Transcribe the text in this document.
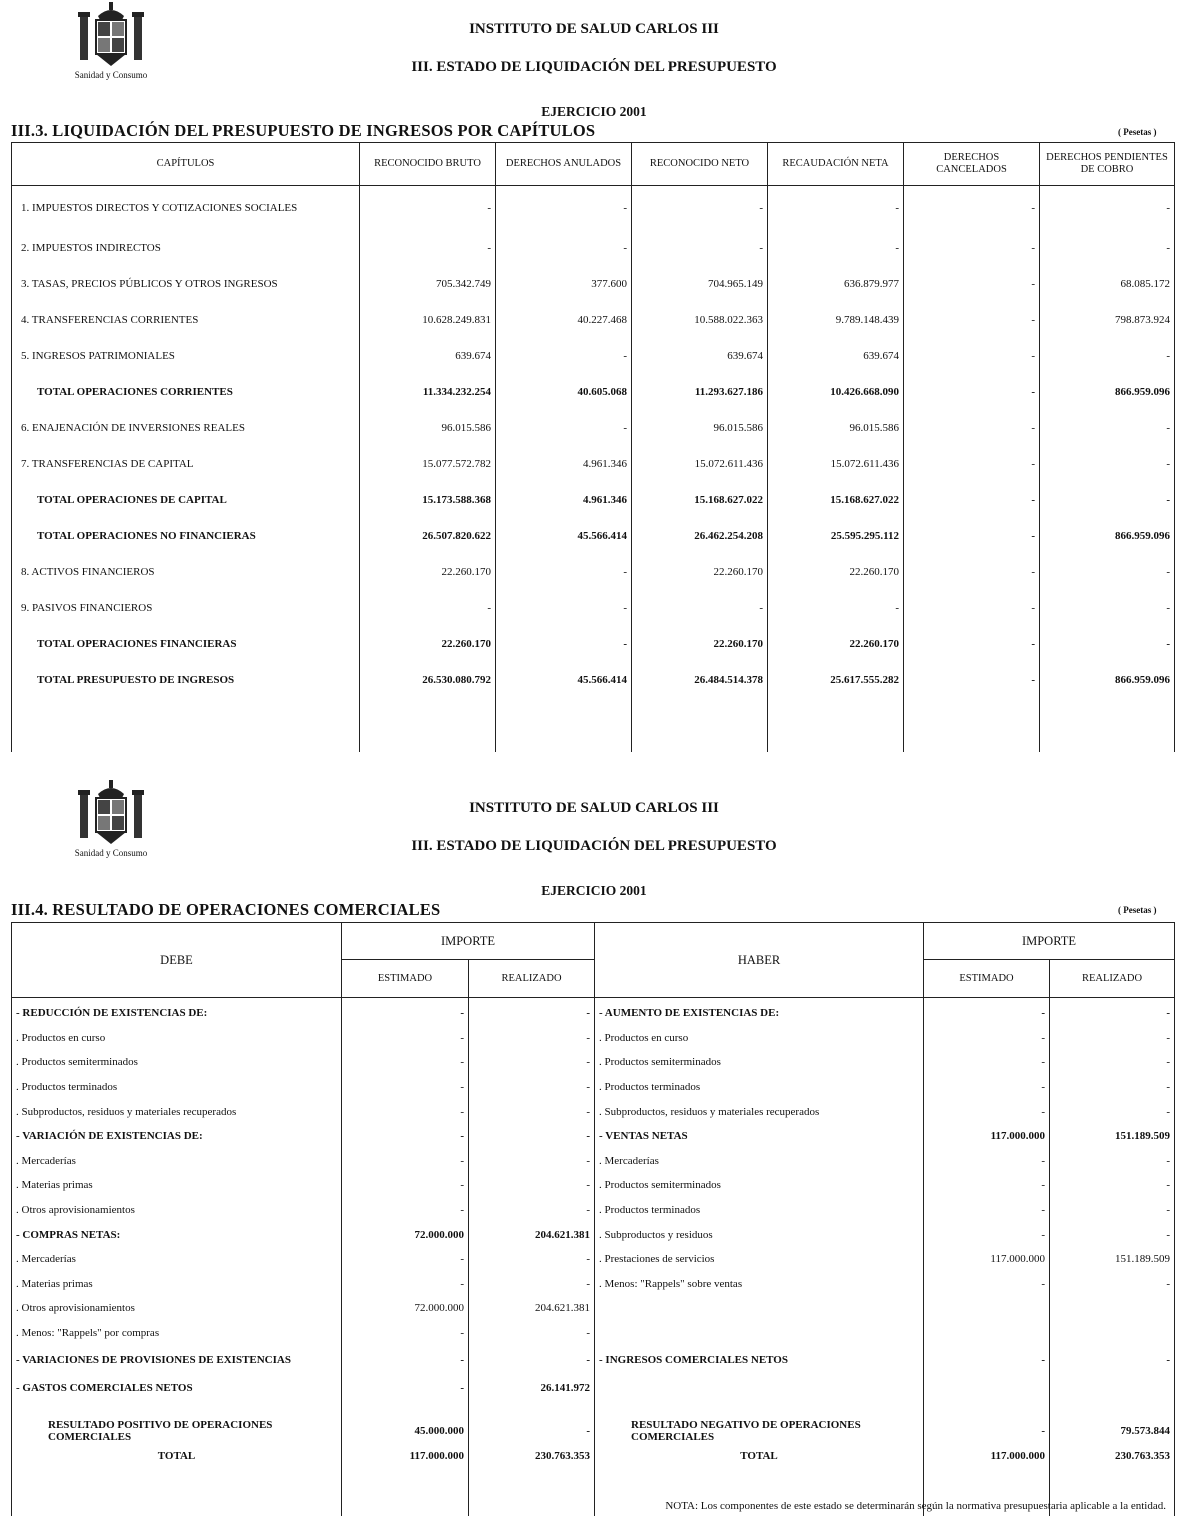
Sanidad y Consumo
INSTITUTO DE SALUD CARLOS III
III. ESTADO DE LIQUIDACIÓN DEL PRESUPUESTO
EJERCICIO 2001
III.3. LIQUIDACIÓN DEL PRESUPUESTO DE INGRESOS POR CAPÍTULOS	( Pesetas )
CAPÍTULOS	RECONOCIDO BRUTO	DERECHOS ANULADOS	RECONOCIDO NETO	RECAUDACIÓN NETA	DERECHOS CANCELADOS	DERECHOS PENDIENTES DE COBRO
1. IMPUESTOS DIRECTOS Y COTIZACIONES SOCIALES	-	-	-	-	-	-
2. IMPUESTOS INDIRECTOS	-	-	-	-	-	-
3. TASAS, PRECIOS PÚBLICOS Y OTROS INGRESOS	705.342.749	377.600	704.965.149	636.879.977	-	68.085.172
4. TRANSFERENCIAS CORRIENTES	10.628.249.831	40.227.468	10.588.022.363	9.789.148.439	-	798.873.924
5. INGRESOS PATRIMONIALES	639.674	-	639.674	639.674	-	-
TOTAL OPERACIONES CORRIENTES	11.334.232.254	40.605.068	11.293.627.186	10.426.668.090	-	866.959.096
6. ENAJENACIÓN DE INVERSIONES REALES	96.015.586	-	96.015.586	96.015.586	-	-
7. TRANSFERENCIAS DE CAPITAL	15.077.572.782	4.961.346	15.072.611.436	15.072.611.436	-	-
TOTAL OPERACIONES DE CAPITAL	15.173.588.368	4.961.346	15.168.627.022	15.168.627.022	-	-
TOTAL OPERACIONES NO FINANCIERAS	26.507.820.622	45.566.414	26.462.254.208	25.595.295.112	-	866.959.096
8. ACTIVOS FINANCIEROS	22.260.170	-	22.260.170	22.260.170	-	-
9. PASIVOS FINANCIEROS	-	-	-	-	-	-
TOTAL OPERACIONES FINANCIERAS	22.260.170	-	22.260.170	22.260.170	-	-
TOTAL PRESUPUESTO DE INGRESOS	26.530.080.792	45.566.414	26.484.514.378	25.617.555.282	-	866.959.096

Sanidad y Consumo
INSTITUTO DE SALUD CARLOS III
III. ESTADO DE LIQUIDACIÓN DEL PRESUPUESTO
EJERCICIO 2001
III.4. RESULTADO DE OPERACIONES COMERCIALES	( Pesetas )
DEBE	IMPORTE		HABER	IMPORTE	
	ESTIMADO	REALIZADO		ESTIMADO	REALIZADO
- REDUCCIÓN DE EXISTENCIAS DE:	-	-	- AUMENTO DE EXISTENCIAS DE:	-	-
. Productos en curso	-	-	. Productos en curso	-	-
. Productos semiterminados	-	-	. Productos semiterminados	-	-
. Productos terminados	-	-	. Productos terminados	-	-
. Subproductos, residuos y materiales recuperados	-	-	. Subproductos, residuos y materiales recuperados	-	-
- VARIACIÓN DE EXISTENCIAS DE:	-	-	- VENTAS NETAS	117.000.000	151.189.509
. Mercaderías	-	-	. Mercaderías	-	-
. Materias primas	-	-	. Productos semiterminados	-	-
. Otros aprovisionamientos	-	-	. Productos terminados	-	-
- COMPRAS NETAS:	72.000.000	204.621.381	. Subproductos y residuos	-	-
. Mercaderías	-	-	. Prestaciones de servicios	117.000.000	151.189.509
. Materias primas	-	-	. Menos: "Rappels" sobre ventas	-	-
. Otros aprovisionamientos	72.000.000	204.621.381			
. Menos: "Rappels" por compras	-	-			
- VARIACIONES DE PROVISIONES DE EXISTENCIAS	-	-	- INGRESOS COMERCIALES NETOS	-	-
- GASTOS COMERCIALES NETOS	-	26.141.972			

RESULTADO POSITIVO DE OPERACIONES COMERCIALES	45.000.000	-	RESULTADO NEGATIVO DE OPERACIONES COMERCIALES	-	79.573.844
TOTAL	117.000.000	230.763.353	TOTAL	117.000.000	230.763.353

NOTA: Los componentes de este estado se determinarán según la normativa presupuestaria aplicable a la entidad.
